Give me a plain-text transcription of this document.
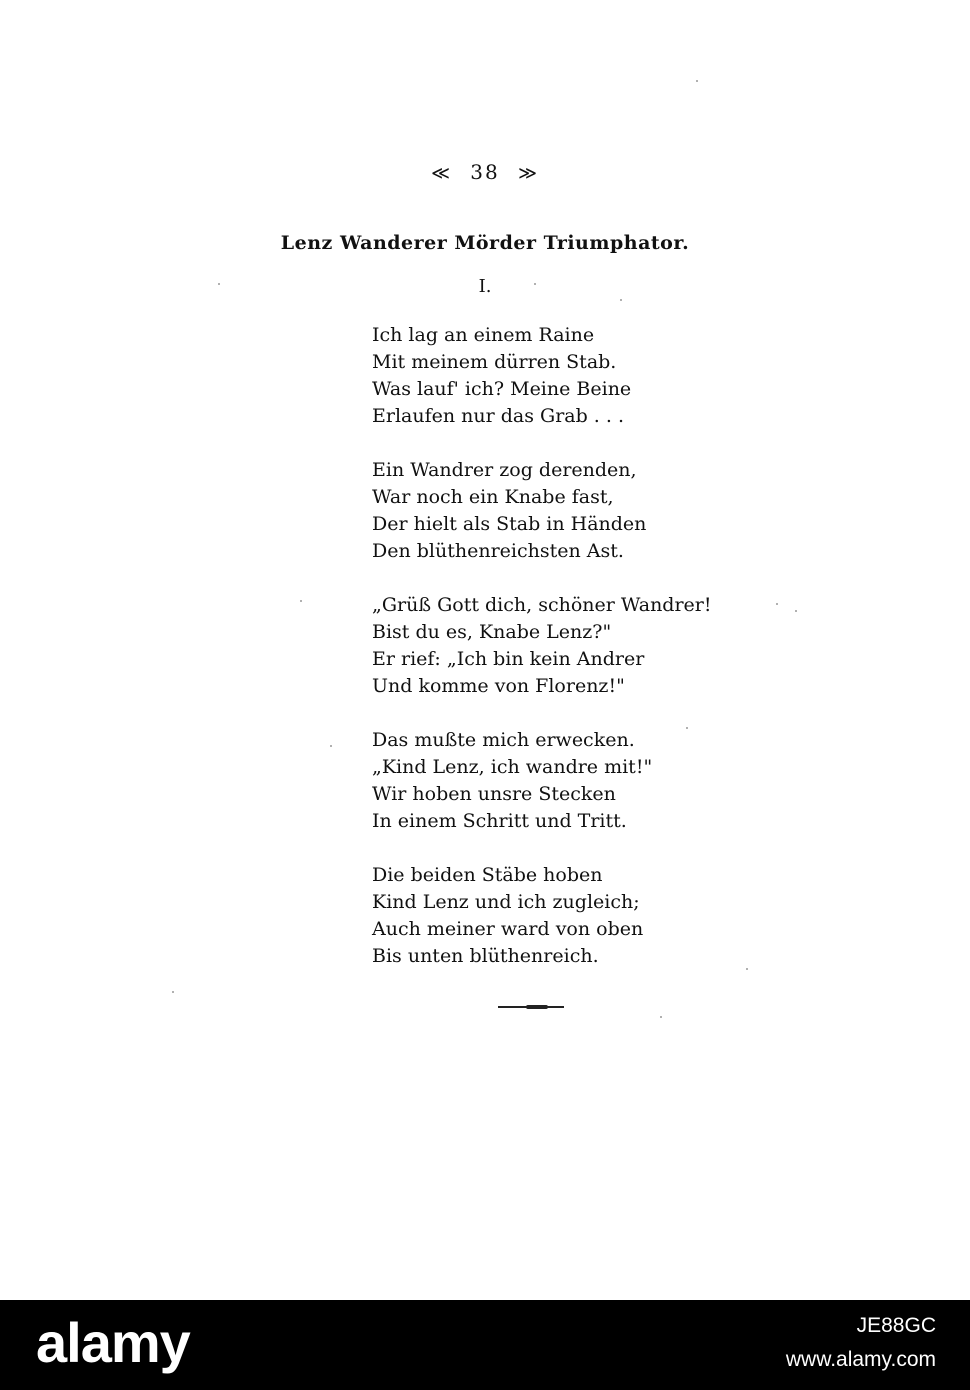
≪ 38 ≫
Lenz Wanderer Mörder Triumphator.
I.
Ich lag an einem Raine
Mit meinem dürren Stab.
Was lauf' ich? Meine Beine
Erlaufen nur das Grab . . .
Ein Wandrer zog derenden,
War noch ein Knabe fast,
Der hielt als Stab in Händen
Den blüthenreichsten Ast.
„Grüß Gott dich, schöner Wandrer!
Bist du es, Knabe Lenz?"
Er rief: „Ich bin kein Andrer
Und komme von Florenz!"
Das mußte mich erwecken.
„Kind Lenz, ich wandre mit!"
Wir hoben unsre Stecken
In einem Schritt und Tritt.
Die beiden Stäbe hoben
Kind Lenz und ich zugleich;
Auch meiner ward von oben
Bis unten blüthenreich.
alamy	JE88GC
www.alamy.com
